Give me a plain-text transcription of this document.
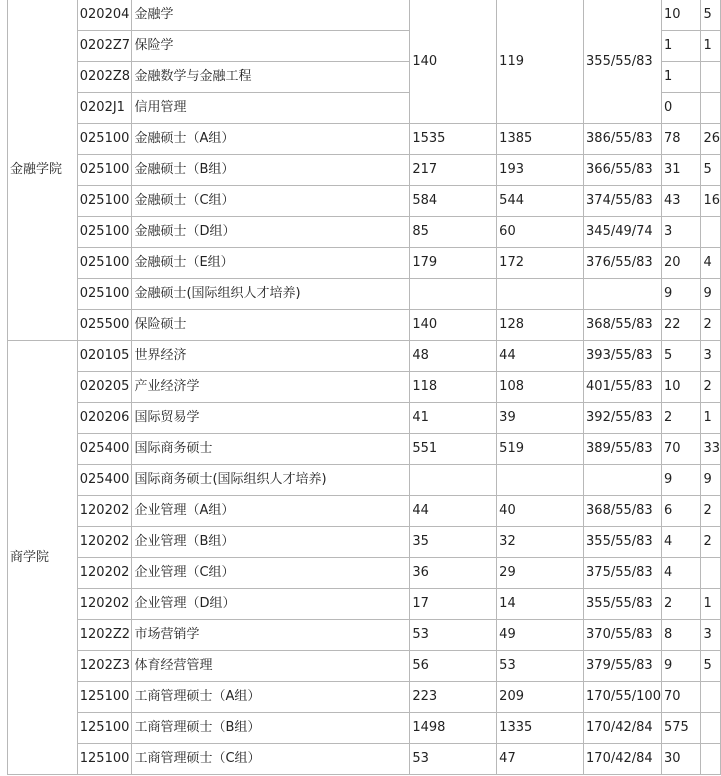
金融学院	020204	金融学	140	119	355/55/83	10	5
	0202Z7	保险学				1	1
	0202Z8	金融数学与金融工程				1	
	0202J1	信用管理				0	
	025100	金融硕士（A组）	1535	1385	386/55/83	78	26
	025100	金融硕士（B组）	217	193	366/55/83	31	5
	025100	金融硕士（C组）	584	544	374/55/83	43	16
	025100	金融硕士（D组）	85	60	345/49/74	3	
	025100	金融硕士（E组）	179	172	376/55/83	20	4
	025100	金融硕士(国际组织人才培养)				9	9
	025500	保险硕士	140	128	368/55/83	22	2
商学院	020105	世界经济	48	44	393/55/83	5	3
	020205	产业经济学	118	108	401/55/83	10	2
	020206	国际贸易学	41	39	392/55/83	2	1
	025400	国际商务硕士	551	519	389/55/83	70	33
	025400	国际商务硕士(国际组织人才培养)				9	9
	120202	企业管理（A组）	44	40	368/55/83	6	2
	120202	企业管理（B组）	35	32	355/55/83	4	2
	120202	企业管理（C组）	36	29	375/55/83	4	
	120202	企业管理（D组）	17	14	355/55/83	2	1
	1202Z2	市场营销学	53	49	370/55/83	8	3
	1202Z3	体育经营管理	56	53	379/55/83	9	5
	125100	工商管理硕士（A组）	223	209	170/55/100	70	
	125100	工商管理硕士（B组）	1498	1335	170/42/84	575	
	125100	工商管理硕士（C组）	53	47	170/42/84	30	
